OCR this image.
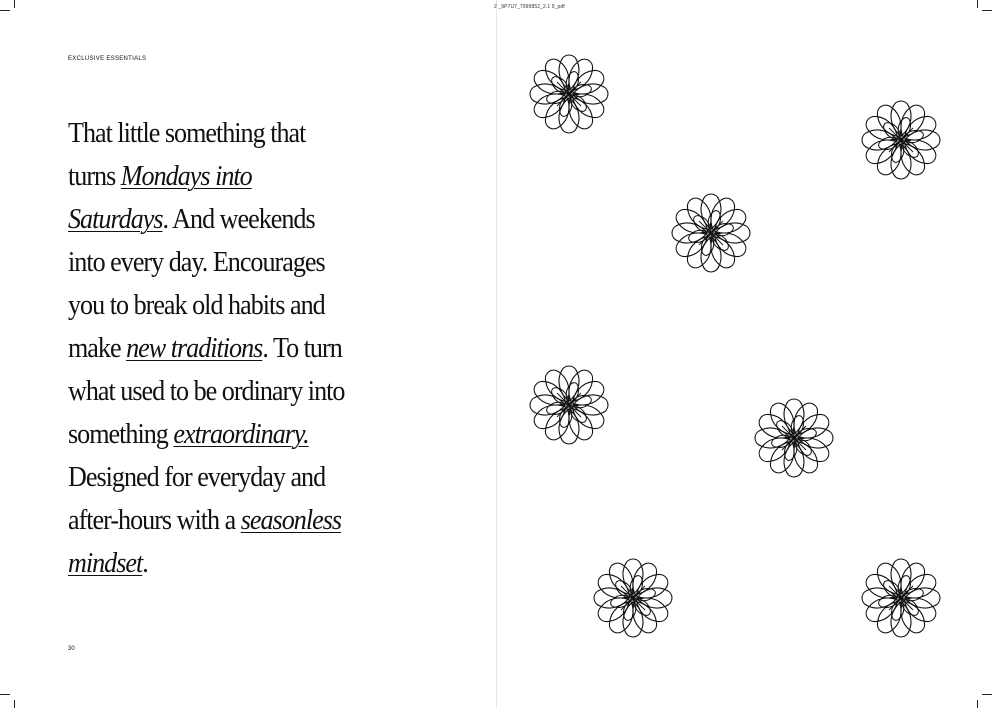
2 _9P7U7_7999852_2.1 9_pdf
EXCLUSIVE ESSENTIALS
That little something that turns Mondays into Saturdays. And weekends into every day. Encourages you to break old habits and make new traditions. To turn what used to be ordinary into something extraordinary. Designed for everyday and after-hours with a seasonless mindset.
30
